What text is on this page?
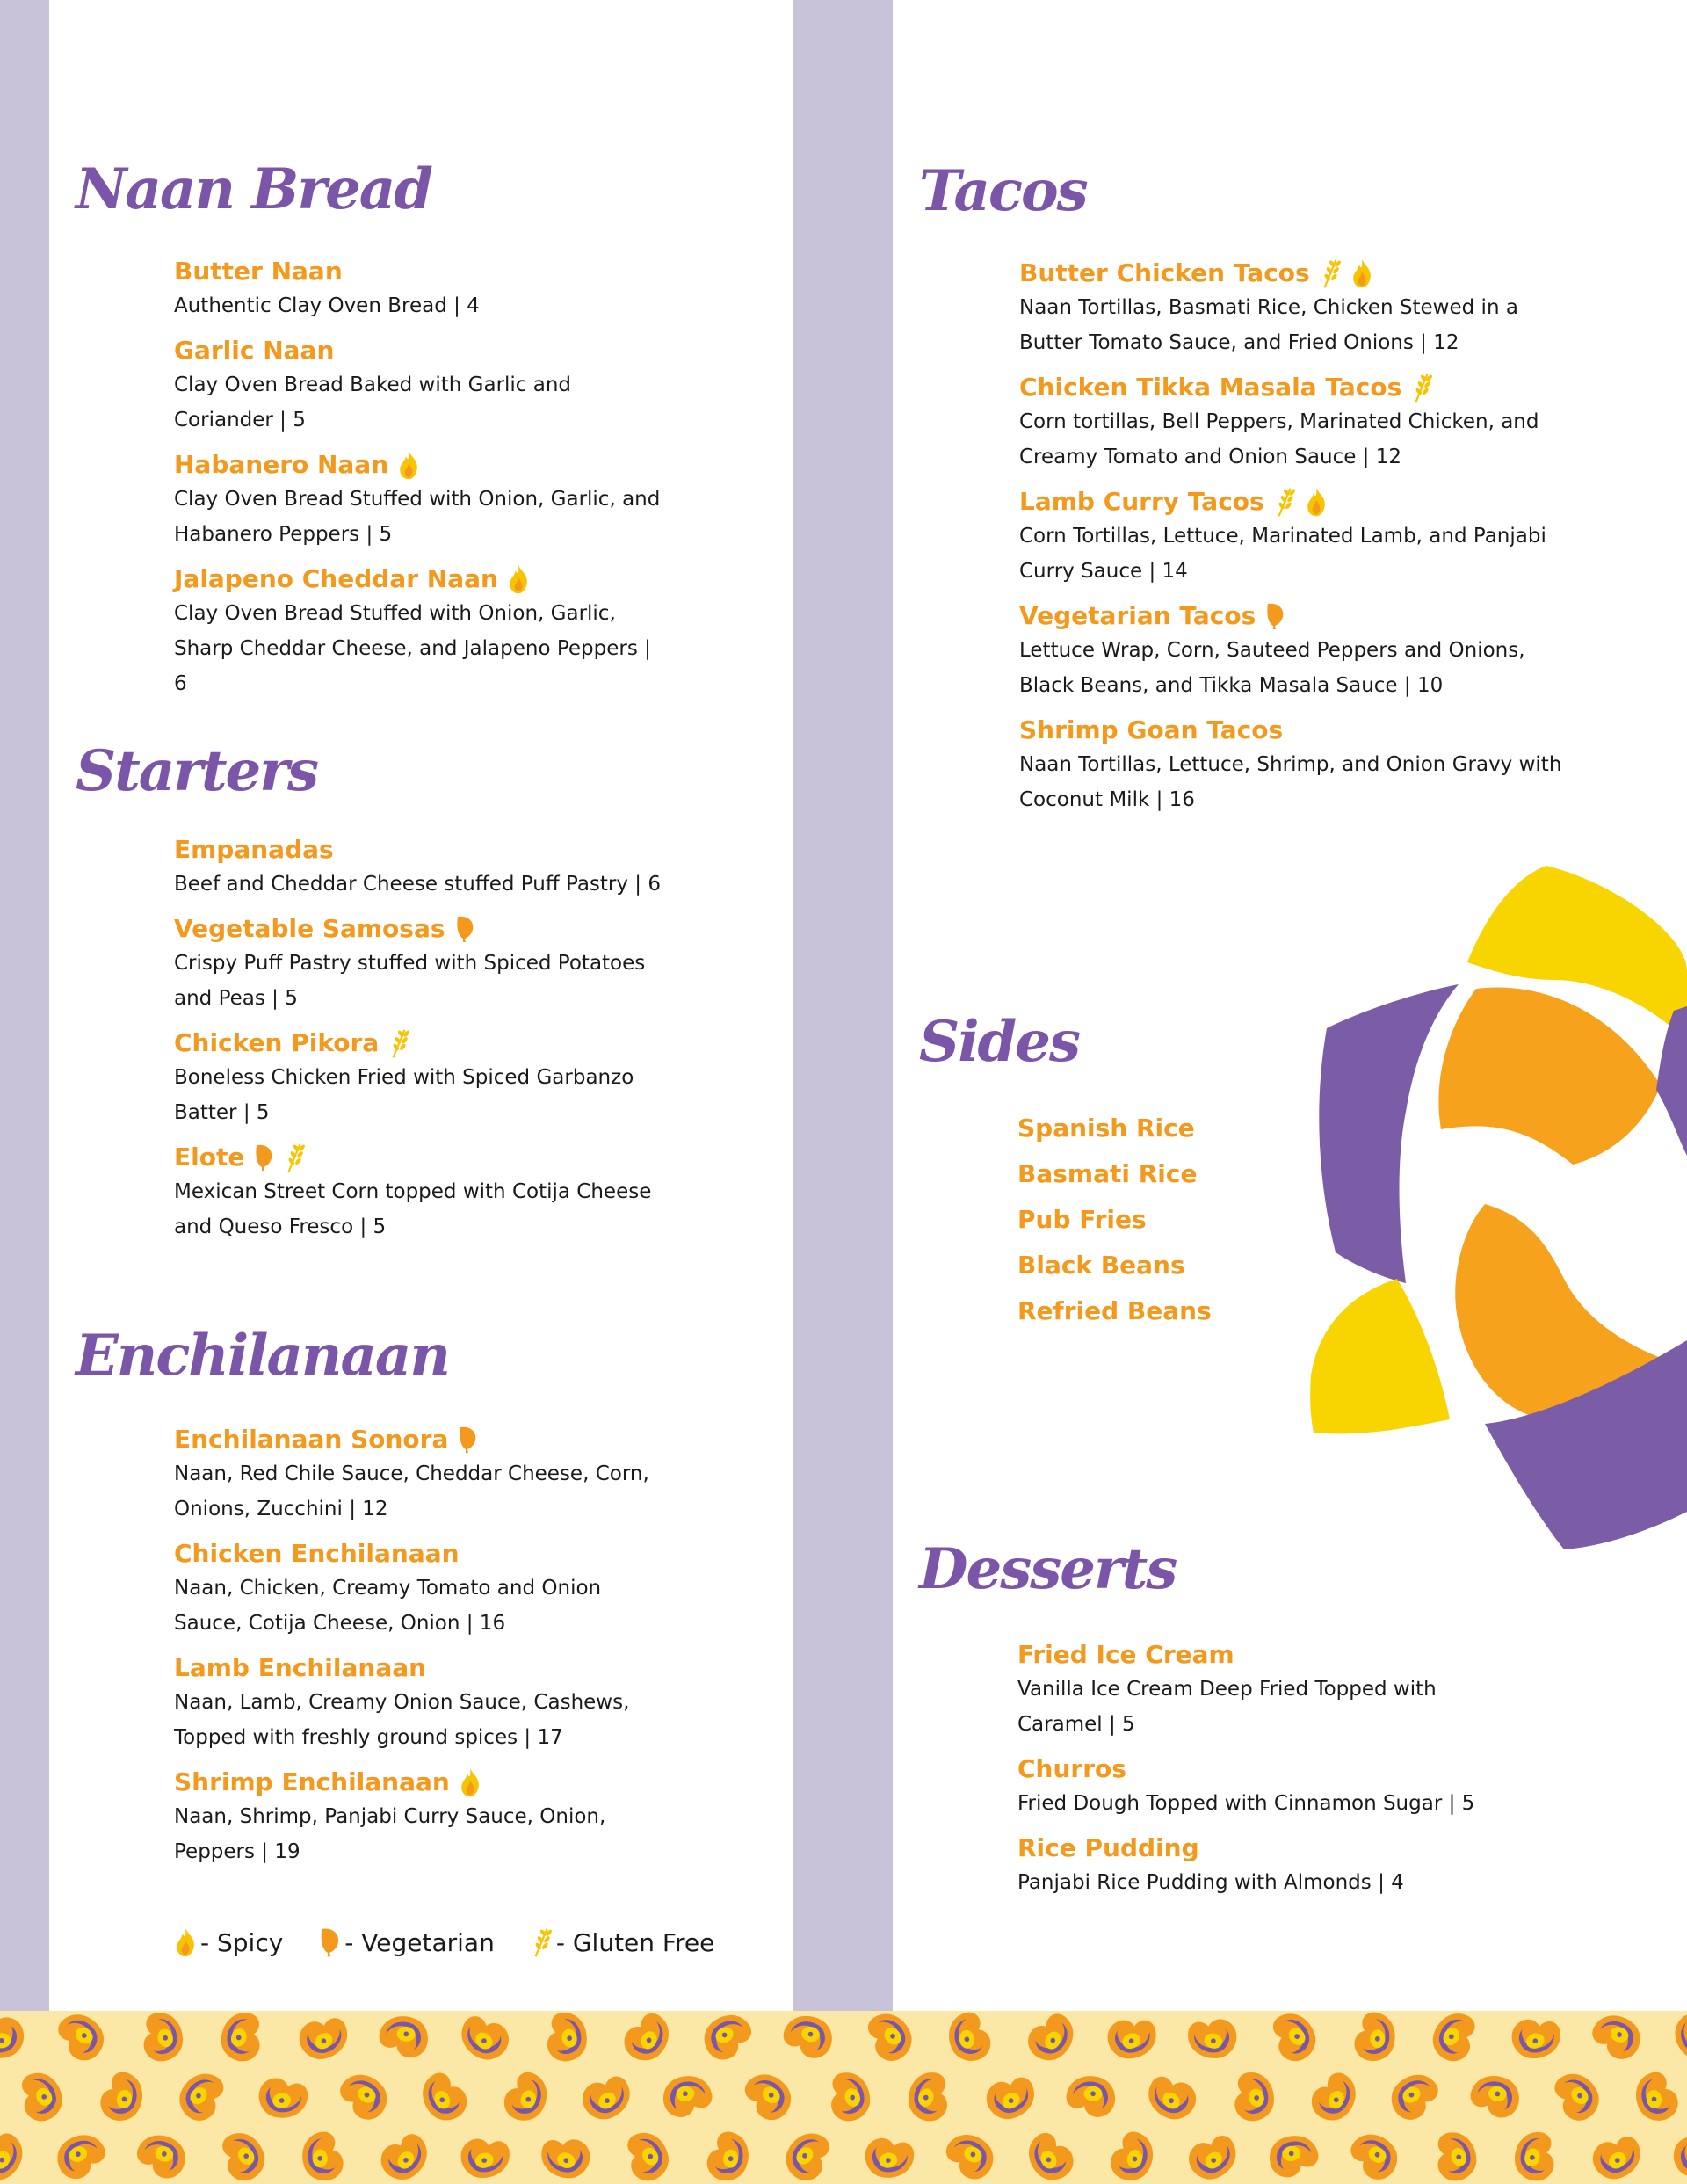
Naan Bread
Butter Naan
Authentic Clay Oven Bread | 4
Garlic Naan
Clay Oven Bread Baked with Garlic and Coriander | 5
Habanero Naan
Clay Oven Bread Stuffed with Onion, Garlic, and Habanero Peppers | 5
Jalapeno Cheddar Naan
Clay Oven Bread Stuffed with Onion, Garlic, Sharp Cheddar Cheese, and Jalapeno Peppers | 6
Starters
Empanadas
Beef and Cheddar Cheese stuffed Puff Pastry | 6
Vegetable Samosas
Crispy Puff Pastry stuffed with Spiced Potatoes and Peas | 5
Chicken Pikora
Boneless Chicken Fried with Spiced Garbanzo Batter | 5
Elote
Mexican Street Corn topped with Cotija Cheese and Queso Fresco | 5
Enchilanaan
Enchilanaan Sonora
Naan, Red Chile Sauce, Cheddar Cheese, Corn, Onions, Zucchini | 12
Chicken Enchilanaan
Naan, Chicken, Creamy Tomato and Onion Sauce, Cotija Cheese, Onion | 16
Lamb Enchilanaan
Naan, Lamb, Creamy Onion Sauce, Cashews, Topped with freshly ground spices | 17
Shrimp Enchilanaan
Naan, Shrimp, Panjabi Curry Sauce, Onion, Peppers | 19
- Spicy	- Vegetarian	- Gluten Free
Tacos
Butter Chicken Tacos
Naan Tortillas, Basmati Rice, Chicken Stewed in a Butter Tomato Sauce, and Fried Onions | 12
Chicken Tikka Masala Tacos
Corn tortillas, Bell Peppers, Marinated Chicken, and Creamy Tomato and Onion Sauce | 12
Lamb Curry Tacos
Corn Tortillas, Lettuce, Marinated Lamb, and Panjabi Curry Sauce | 14
Vegetarian Tacos
Lettuce Wrap, Corn, Sauteed Peppers and Onions, Black Beans, and Tikka Masala Sauce | 10
Shrimp Goan Tacos
Naan Tortillas, Lettuce, Shrimp, and Onion Gravy with Coconut Milk | 16
Sides
Spanish Rice
Basmati Rice
Pub Fries
Black Beans
Refried Beans
Desserts
Fried Ice Cream
Vanilla Ice Cream Deep Fried Topped with Caramel | 5
Churros
Fried Dough Topped with Cinnamon Sugar | 5
Rice Pudding
Panjabi Rice Pudding with Almonds | 4
